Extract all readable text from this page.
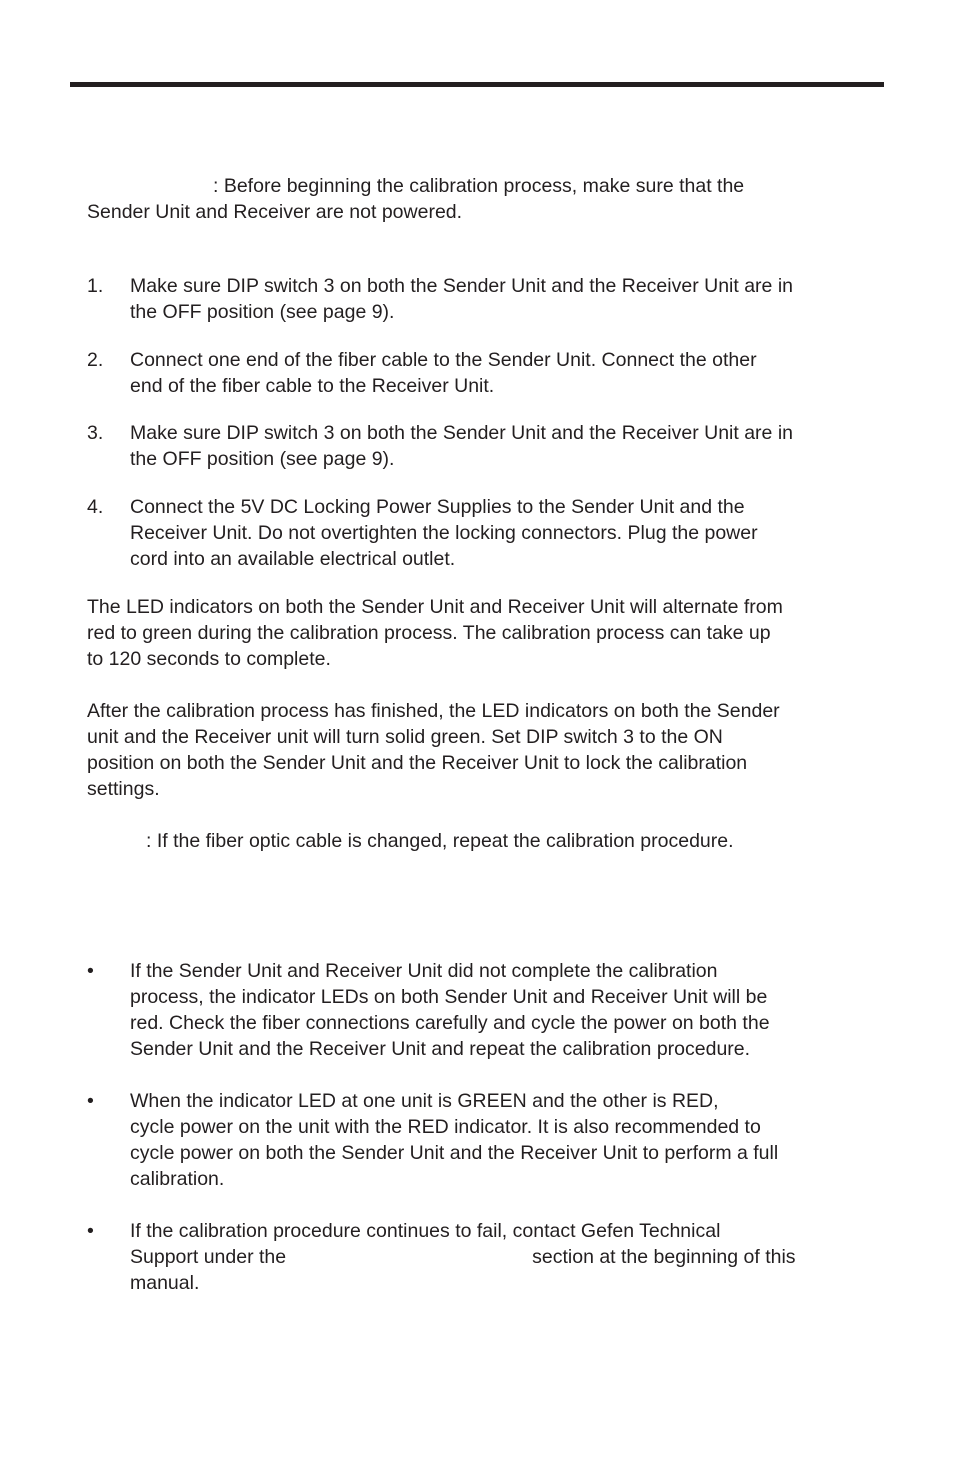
: Before beginning the calibration process, make sure that the
Sender Unit and Receiver are not powered.
1.	Make sure DIP switch 3 on both the Sender Unit and the Receiver Unit are in
the OFF position (see page 9).
2.	Connect one end of the fiber cable to the Sender Unit. Connect the other
end of the fiber cable to the Receiver Unit.
3.	Make sure DIP switch 3 on both the Sender Unit and the Receiver Unit are in
the OFF position (see page 9).
4.	Connect the 5V DC Locking Power Supplies to the Sender Unit and the
Receiver Unit. Do not overtighten the locking connectors. Plug the power
cord into an available electrical outlet.
The LED indicators on both the Sender Unit and Receiver Unit will alternate from
red to green during the calibration process. The calibration process can take up
to 120 seconds to complete.
After the calibration process has finished, the LED indicators on both the Sender
unit and the Receiver unit will turn solid green. Set DIP switch 3 to the ON
position on both the Sender Unit and the Receiver Unit to lock the calibration
settings.
: If the fiber optic cable is changed, repeat the calibration procedure.
•	If the Sender Unit and Receiver Unit did not complete the calibration
process, the indicator LEDs on both Sender Unit and Receiver Unit will be
red. Check the fiber connections carefully and cycle the power on both the
Sender Unit and the Receiver Unit and repeat the calibration procedure.
•	When the indicator LED at one unit is GREEN and the other is RED,
cycle power on the unit with the RED indicator. It is also recommended to
cycle power on both the Sender Unit and the Receiver Unit to perform a full
calibration.
•	If the calibration procedure continues to fail, contact Gefen Technical
Support under the	section at the beginning of this
manual.
